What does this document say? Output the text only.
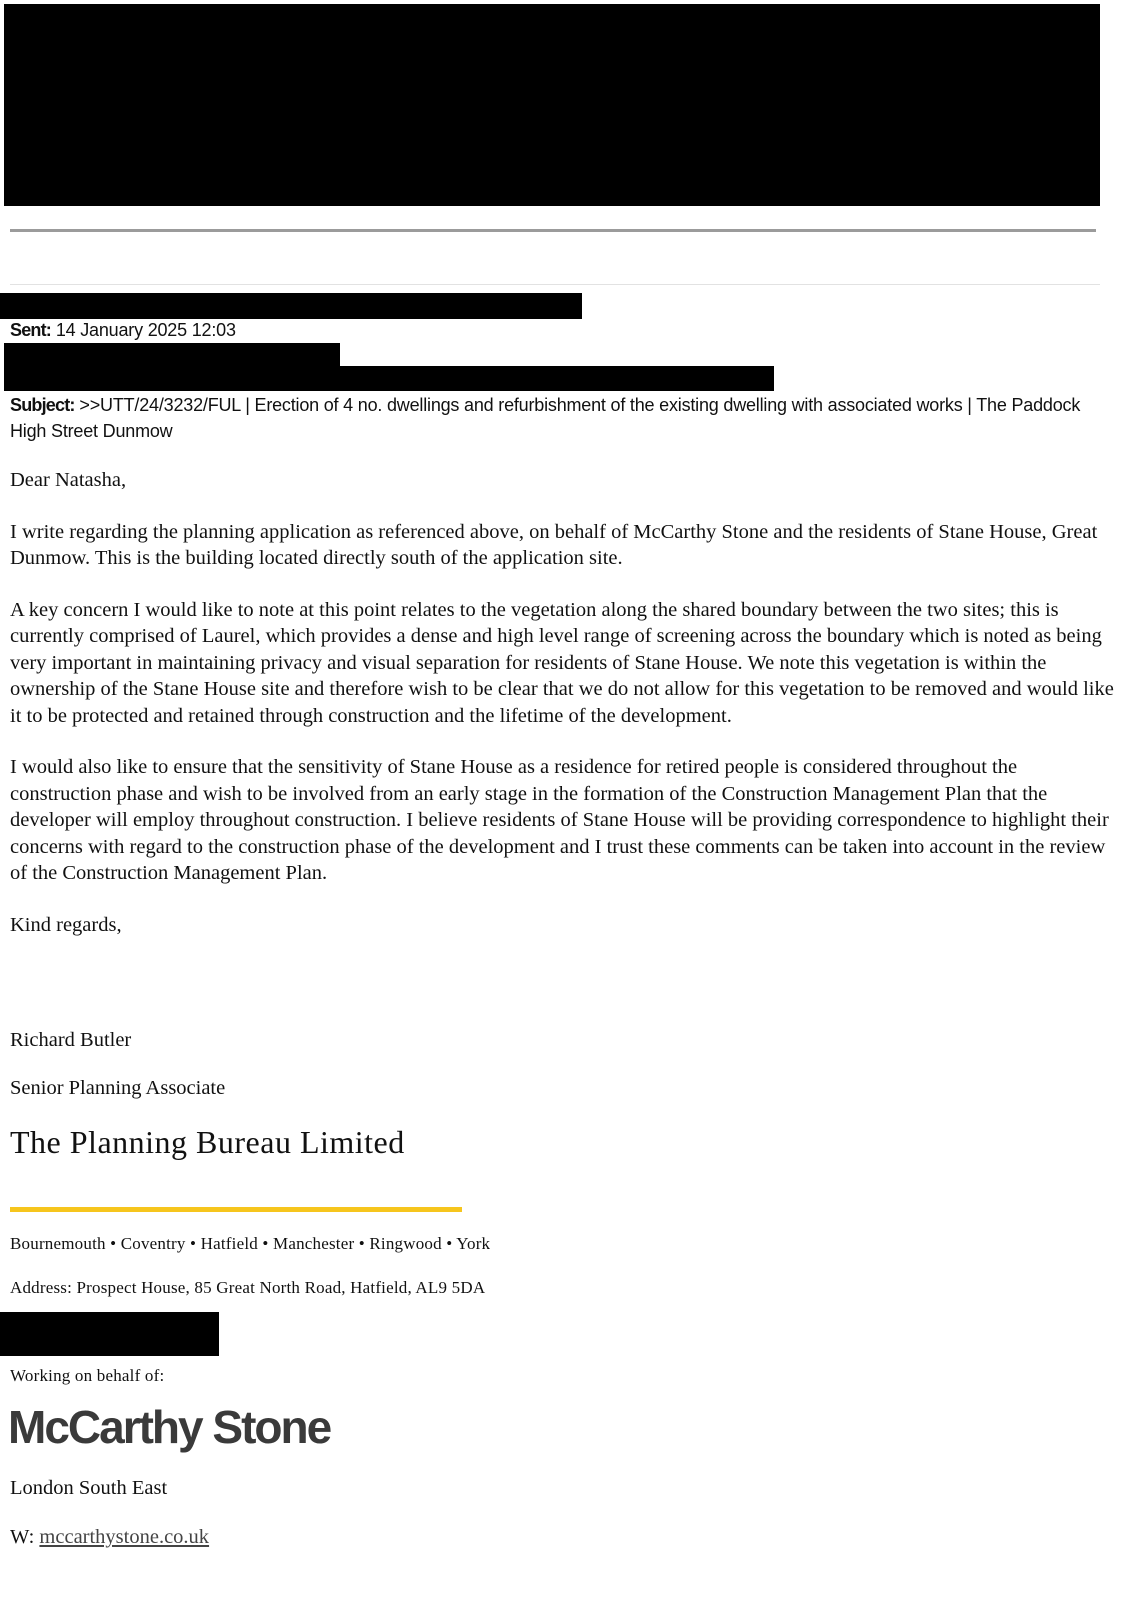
Sent: 14 January 2025 12:03
Subject: >>UTT/24/3232/FUL | Erection of 4 no. dwellings and refurbishment of the existing dwelling with associated works | The Paddock High Street Dunmow

Dear Natasha,

I write regarding the planning application as referenced above, on behalf of McCarthy Stone and the residents of Stane House, Great Dunmow. This is the building located directly south of the application site.

A key concern I would like to note at this point relates to the vegetation along the shared boundary between the two sites; this is currently comprised of Laurel, which provides a dense and high level range of screening across the boundary which is noted as being very important in maintaining privacy and visual separation for residents of Stane House. We note this vegetation is within the ownership of the Stane House site and therefore wish to be clear that we do not allow for this vegetation to be removed and would like it to be protected and retained through construction and the lifetime of the development.

I would also like to ensure that the sensitivity of Stane House as a residence for retired people is considered throughout the construction phase and wish to be involved from an early stage in the formation of the Construction Management Plan that the developer will employ throughout construction. I believe residents of Stane House will be providing correspondence to highlight their concerns with regard to the construction phase of the development and I trust these comments can be taken into account in the review of the Construction Management Plan.

Kind regards,

Richard Butler
Senior Planning Associate
The Planning Bureau Limited
Bournemouth • Coventry • Hatfield • Manchester • Ringwood • York
Address: Prospect House, 85 Great North Road, Hatfield, AL9 5DA
Working on behalf of:
McCarthy Stone
London South East
W: mccarthystone.co.uk
